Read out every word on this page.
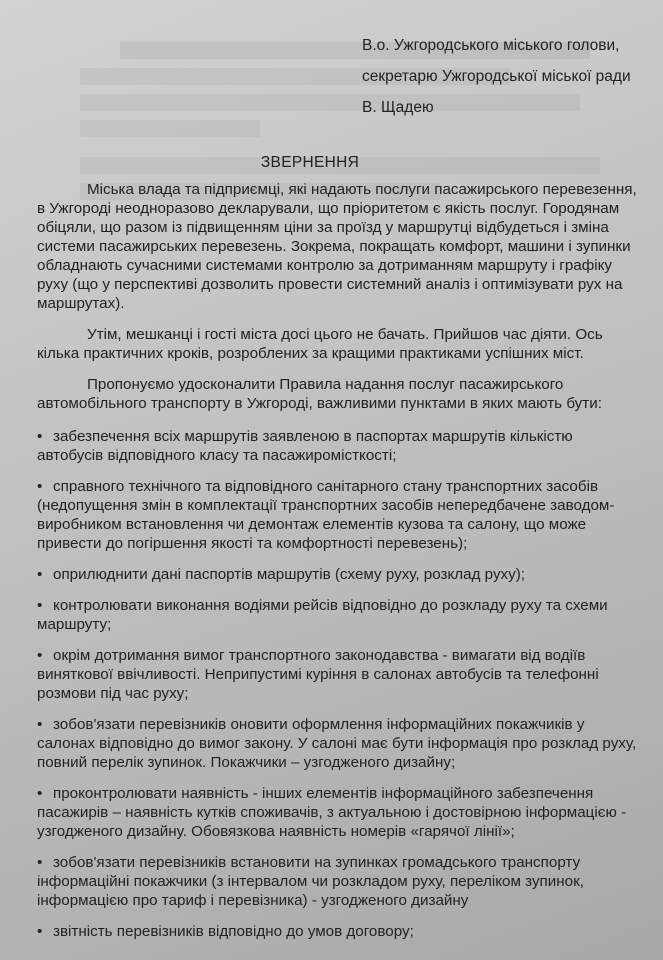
В.о. Ужгородського міського голови,
секретарю Ужгородської міської ради
В. Щадею
ЗВЕРНЕННЯ

Міська влада та підприємці, які надають послуги пасажирського перевезення, в Ужгороді неодноразово декларували, що пріоритетом є якість послуг. Городянам обіцяли, що разом із підвищенням ціни за проїзд у маршрутці відбудеться і зміна системи пасажирських перевезень. Зокрема, покращать комфорт, машини і зупинки обладнають сучасними системами контролю за дотриманням маршруту і графіку руху (що у перспективі дозволить провести системний аналіз і оптимізувати рух на маршрутах).

Утім, мешканці і гості міста досі цього не бачать. Прийшов час діяти. Ось кілька практичних кроків, розроблених за кращими практиками успішних міст.

Пропонуємо удосконалити Правила надання послуг пасажирського автомобільного транспорту в Ужгороді, важливими пунктами в яких мають бути:

• забезпечення всіх маршрутів заявленою в паспортах маршрутів кількістю автобусів відповідного класу та пасажиромісткості;
• справного технічного та відповідного санітарного стану транспортних засобів (недопущення змін в комплектації транспортних засобів непередбачене заводом-виробником встановлення чи демонтаж елементів кузова та салону, що може привести до погіршення якості та комфортності перевезень);
• оприлюднити дані паспортів маршрутів (схему руху, розклад руху);
• контролювати виконання водіями рейсів відповідно до розкладу руху та схеми маршруту;
• окрім дотримання вимог транспортного законодавства - вимагати від водіїв виняткової ввічливості. Неприпустимі куріння в салонах автобусів та телефонні розмови під час руху;
• зобов'язати перевізників оновити оформлення інформаційних покажчиків у салонах відповідно до вимог закону. У салоні має бути інформація про розклад руху, повний перелік зупинок. Покажчики – узгодженого дизайну;
• проконтролювати наявність - інших елементів інформаційного забезпечення пасажирів – наявність кутків споживачів, з актуальною і достовірною інформацією - узгодженого дизайну. Обовязкова наявність номерів «гарячої лінії»;
• зобов'язати перевізників встановити на зупинках громадського транспорту інформаційні покажчики (з інтервалом чи розкладом руху, переліком зупинок, інформацією про тариф і перевізника) - узгодженого дизайну
• звітність перевізників відповідно до умов договору;
